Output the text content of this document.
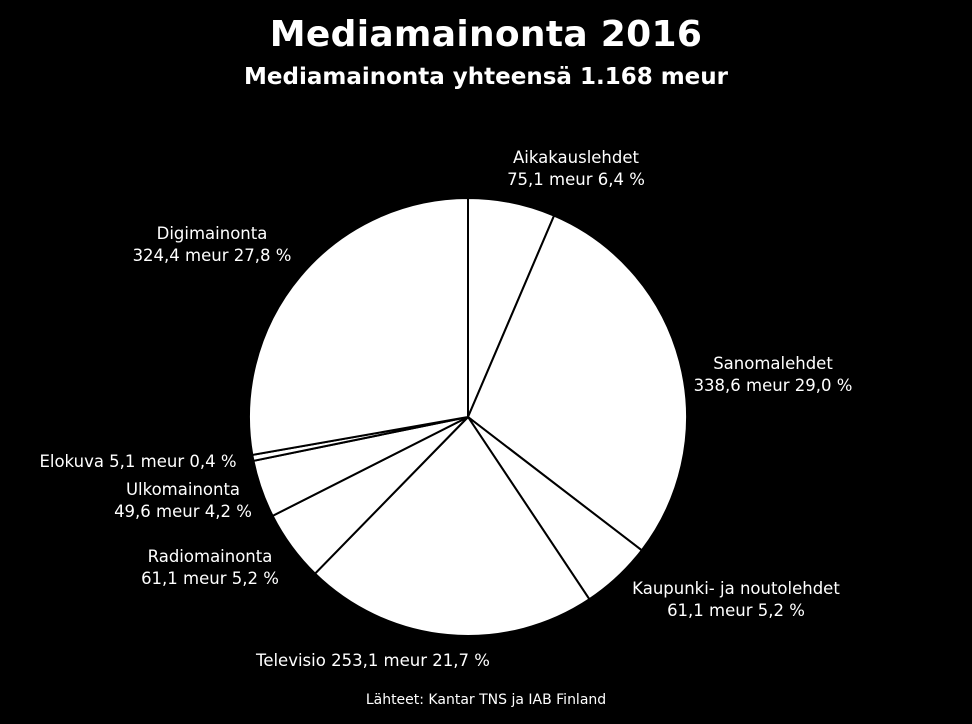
Mediamainonta 2016
Mediamainonta yhteensä 1.168 meur
Aikakauslehdet 75,1 meur 6,4 %
Sanomalehdet 338,6 meur 29,0 %
Kaupunki- ja noutolehdet 61,1 meur 5,2 %
Televisio 253,1 meur 21,7 %
Radiomainonta 61,1 meur 5,2 %
Ulkomainonta 49,6 meur 4,2 %
Elokuva 5,1 meur 0,4 %
Digimainonta 324,4 meur 27,8 %
Lähteet: Kantar TNS ja IAB Finland
